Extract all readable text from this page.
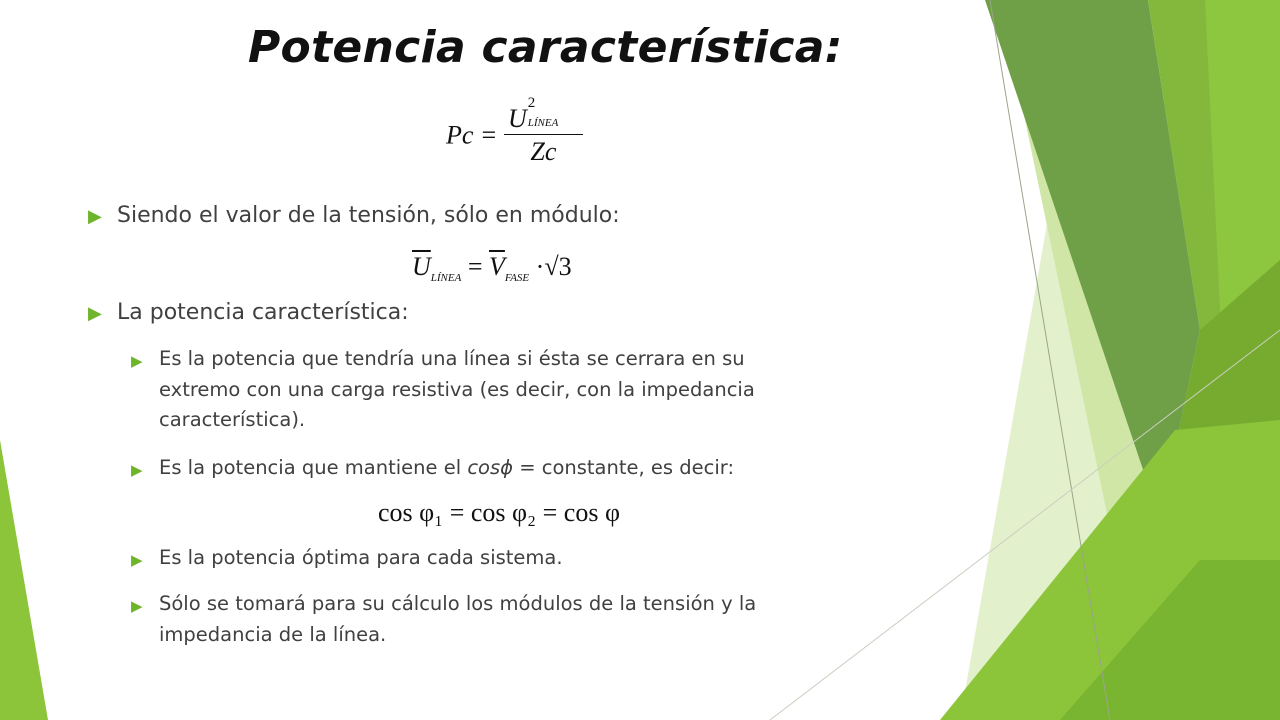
Potencia característica:
Pc = U
2
LÍNEA
Zc
▶ Siendo el valor de la tensión, sólo en módulo:
$\overline{U}_{LÍNEA} = \overline{V}_{FASE} \cdot√3$
▶ La potencia característica:
▶ Es la potencia que tendría una línea si ésta se cerrara en su
extremo con una carga resistiva (es decir, con la impedancia
característica).
▶ Es la potencia que mantiene el cosϕ = constante, es decir:
cos φ₁ = cos φ₂ = cos φ
▶ Es la potencia óptima para cada sistema.
▶ Sólo se tomará para su cálculo los módulos de la tensión y la
impedancia de la línea.
